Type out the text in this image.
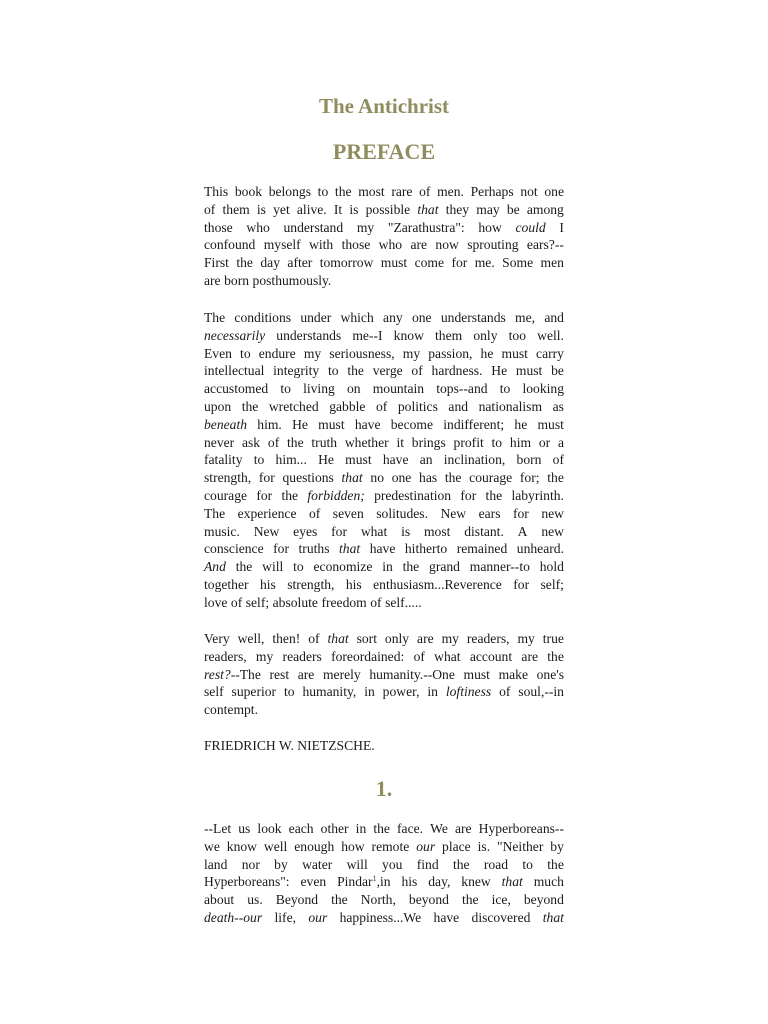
The Antichrist
PREFACE
This book belongs to the most rare of men. Perhaps not one
of them is yet alive. It is possible that they may be among
those who understand my "Zarathustra": how could I
confound myself with those who are now sprouting ears?--
First the day after tomorrow must come for me. Some men
are born posthumously.
The conditions under which any one understands me, and
necessarily understands me--I know them only too well.
Even to endure my seriousness, my passion, he must carry
intellectual integrity to the verge of hardness. He must be
accustomed to living on mountain tops--and to looking
upon the wretched gabble of politics and nationalism as
beneath him. He must have become indifferent; he must
never ask of the truth whether it brings profit to him or a
fatality to him... He must have an inclination, born of
strength, for questions that no one has the courage for; the
courage for the forbidden; predestination for the labyrinth.
The experience of seven solitudes. New ears for new
music. New eyes for what is most distant. A new
conscience for truths that have hitherto remained unheard.
And the will to economize in the grand manner--to hold
together his strength, his enthusiasm...Reverence for self;
love of self; absolute freedom of self.....
Very well, then! of that sort only are my readers, my true
readers, my readers foreordained: of what account are the
rest?--The rest are merely humanity.--One must make one's
self superior to humanity, in power, in loftiness of soul,--in
contempt.
FRIEDRICH W. NIETZSCHE.
1.
--Let us look each other in the face. We are Hyperboreans--
we know well enough how remote our place is. "Neither by
land nor by water will you find the road to the
Hyperboreans": even Pindar$^1$,in his day, knew that much
about us. Beyond the North, beyond the ice, beyond
death--our life, our happiness...We have discovered that
